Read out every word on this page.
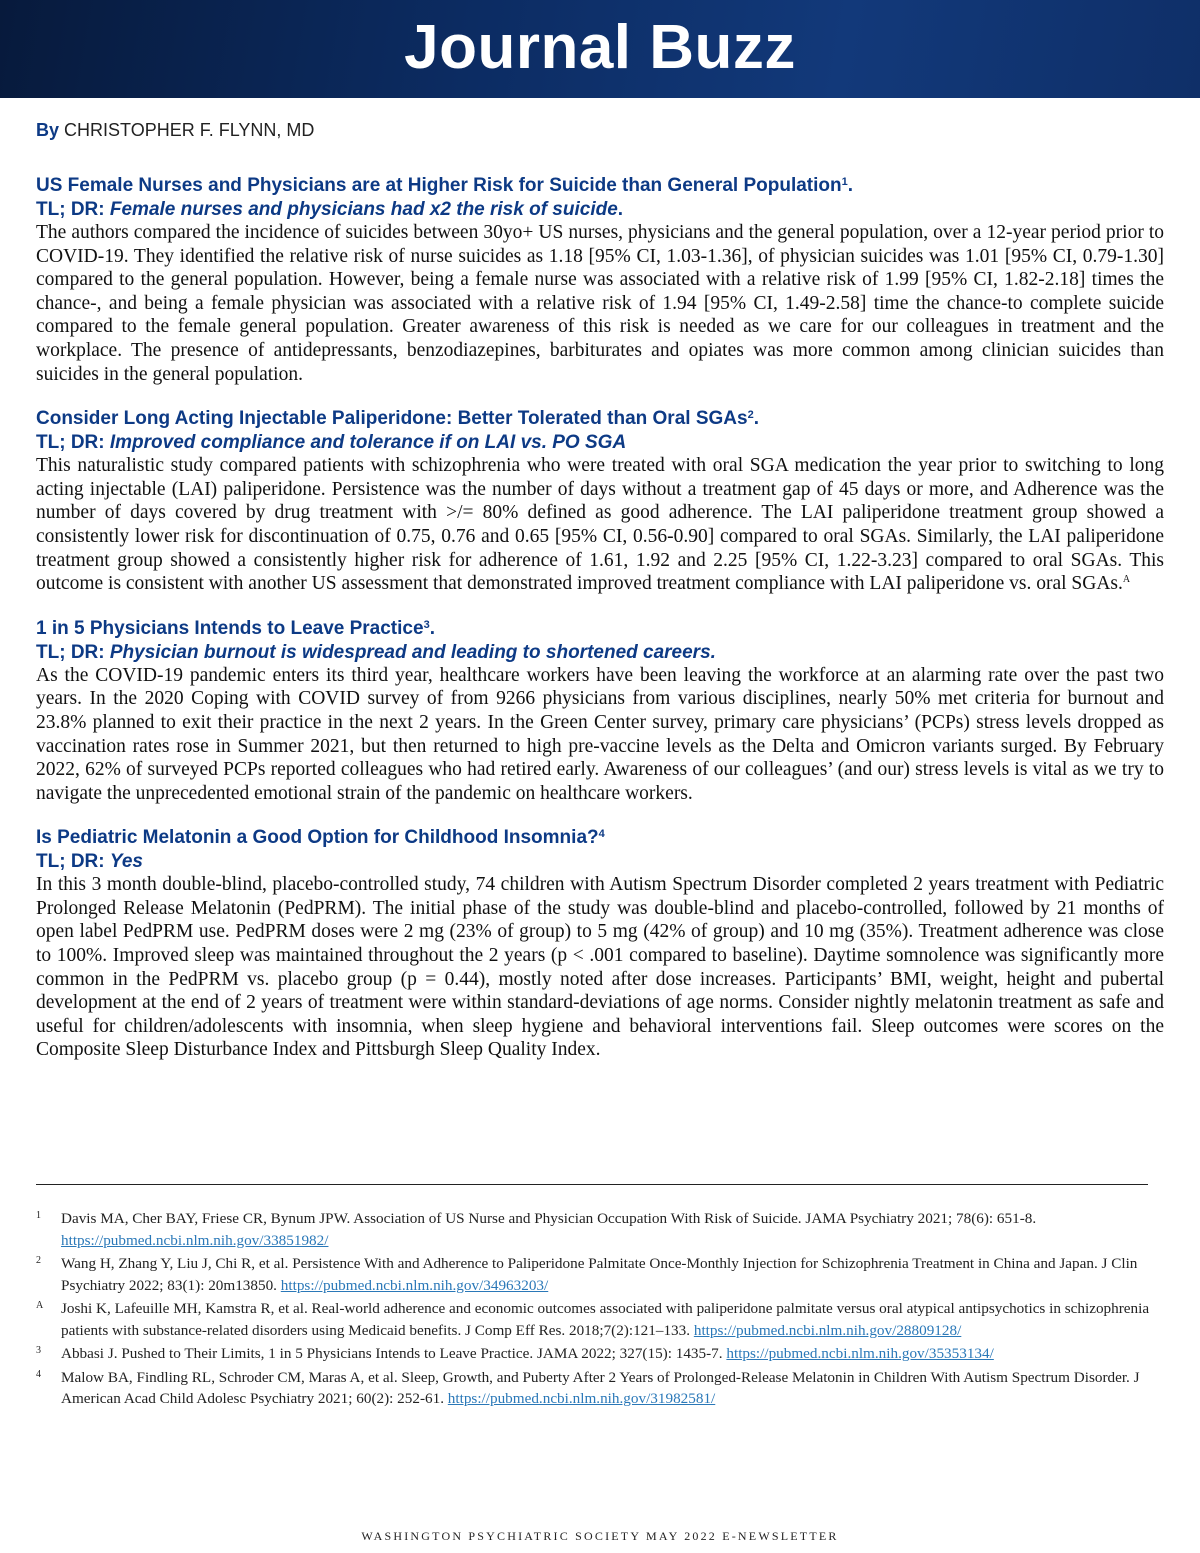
Journal Buzz
By CHRISTOPHER F. FLYNN, MD

US Female Nurses and Physicians are at Higher Risk for Suicide than General Population$^1$.

TL; DR: Female nurses and physicians had x2 the risk of suicide.

The authors compared the incidence of suicides between 30yo+ US nurses, physicians and the general population, over a 12-year period prior to COVID-19. They identified the relative risk of nurse suicides as 1.18 [95% CI, 1.03-1.36], of physician suicides was 1.01 [95% CI, 0.79-1.30] compared to the general population. However, being a female nurse was associated with a relative risk of 1.99 [95% CI, 1.82-2.18] times the chance-, and being a female physician was associated with a relative risk of 1.94 [95% CI, 1.49-2.58] time the chance-to complete suicide compared to the female general population. Greater awareness of this risk is needed as we care for our colleagues in treatment and the workplace. The presence of antidepressants, benzodiazepines, barbiturates and opiates was more common among clinician suicides than suicides in the general population.

Consider Long Acting Injectable Paliperidone: Better Tolerated than Oral SGAs$^2$.

TL; DR: Improved compliance and tolerance if on LAI vs. PO SGA

This naturalistic study compared patients with schizophrenia who were treated with oral SGA medication the year prior to switching to long acting injectable (LAI) paliperidone. Persistence was the number of days without a treatment gap of 45 days or more, and Adherence was the number of days covered by drug treatment with >/= 80% defined as good adherence. The LAI paliperidone treatment group showed a consistently lower risk for discontinuation of 0.75, 0.76 and 0.65 [95% CI, 0.56-0.90] compared to oral SGAs. Similarly, the LAI paliperidone treatment group showed a consistently higher risk for adherence of 1.61, 1.92 and 2.25 [95% CI, 1.22-3.23] compared to oral SGAs. This outcome is consistent with another US assessment that demonstrated improved treatment compliance with LAI paliperidone vs. oral SGAs.$^A$

1 in 5 Physicians Intends to Leave Practice$^3$.

TL; DR: Physician burnout is widespread and leading to shortened careers.

As the COVID-19 pandemic enters its third year, healthcare workers have been leaving the workforce at an alarming rate over the past two years. In the 2020 Coping with COVID survey of from 9266 physicians from various disciplines, nearly 50% met criteria for burnout and 23.8% planned to exit their practice in the next 2 years. In the Green Center survey, primary care physicians’ (PCPs) stress levels dropped as vaccination rates rose in Summer 2021, but then returned to high pre-vaccine levels as the Delta and Omicron variants surged. By February 2022, 62% of surveyed PCPs reported colleagues who had retired early. Awareness of our colleagues’ (and our) stress levels is vital as we try to navigate the unprecedented emotional strain of the pandemic on healthcare workers.

Is Pediatric Melatonin a Good Option for Childhood Insomnia?$^4$

TL; DR: Yes

In this 3 month double-blind, placebo-controlled study, 74 children with Autism Spectrum Disorder completed 2 years treatment with Pediatric Prolonged Release Melatonin (PedPRM). The initial phase of the study was double-blind and placebo-controlled, followed by 21 months of open label PedPRM use. PedPRM doses were 2 mg (23% of group) to 5 mg (42% of group) and 10 mg (35%). Treatment adherence was close to 100%. Improved sleep was maintained throughout the 2 years (p < .001 compared to baseline). Daytime somnolence was significantly more common in the PedPRM vs. placebo group (p = 0.44), mostly noted after dose increases. Participants’ BMI, weight, height and pubertal development at the end of 2 years of treatment were within standard-deviations of age norms. Consider nightly melatonin treatment as safe and useful for children/adolescents with insomnia, when sleep hygiene and behavioral interventions fail. Sleep outcomes were scores on the Composite Sleep Disturbance Index and Pittsburgh Sleep Quality Index.

1 Davis MA, Cher BAY, Friese CR, Bynum JPW. Association of US Nurse and Physician Occupation With Risk of Suicide. JAMA Psychiatry 2021; 78(6): 651-8. https://pubmed.ncbi.nlm.nih.gov/33851982/
2 Wang H, Zhang Y, Liu J, Chi R, et al. Persistence With and Adherence to Paliperidone Palmitate Once-Monthly Injection for Schizophrenia Treatment in China and Japan. J Clin Psychiatry 2022; 83(1): 20m13850. https://pubmed.ncbi.nlm.nih.gov/34963203/
A Joshi K, Lafeuille MH, Kamstra R, et al. Real-world adherence and economic outcomes associated with paliperidone palmitate versus oral atypical antipsychotics in schizophrenia patients with substance-related disorders using Medicaid benefits. J Comp Eff Res. 2018;7(2):121–133. https://pubmed.ncbi.nlm.nih.gov/28809128/
3 Abbasi J. Pushed to Their Limits, 1 in 5 Physicians Intends to Leave Practice. JAMA 2022; 327(15): 1435-7. https://pubmed.ncbi.nlm.nih.gov/35353134/
4 Malow BA, Findling RL, Schroder CM, Maras A, et al. Sleep, Growth, and Puberty After 2 Years of Prolonged-Release Melatonin in Children With Autism Spectrum Disorder. J American Acad Child Adolesc Psychiatry 2021; 60(2): 252-61. https://pubmed.ncbi.nlm.nih.gov/31982581/
WASHINGTON PSYCHIATRIC SOCIETY MAY 2022 E-NEWSLETTER
